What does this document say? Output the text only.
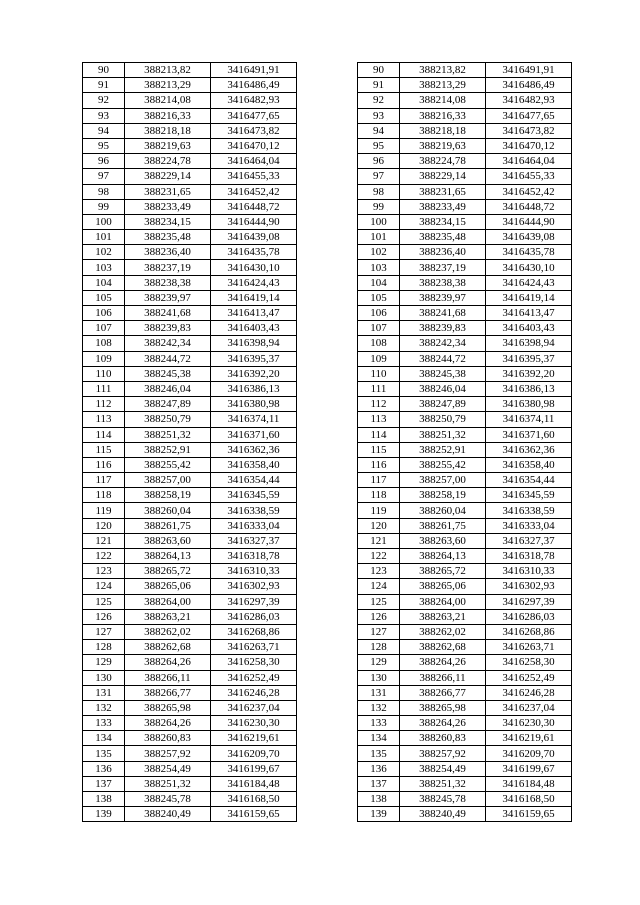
90	388213,82	3416491,91
91	388213,29	3416486,49
92	388214,08	3416482,93
93	388216,33	3416477,65
94	388218,18	3416473,82
95	388219,63	3416470,12
96	388224,78	3416464,04
97	388229,14	3416455,33
98	388231,65	3416452,42
99	388233,49	3416448,72
100	388234,15	3416444,90
101	388235,48	3416439,08
102	388236,40	3416435,78
103	388237,19	3416430,10
104	388238,38	3416424,43
105	388239,97	3416419,14
106	388241,68	3416413,47
107	388239,83	3416403,43
108	388242,34	3416398,94
109	388244,72	3416395,37
110	388245,38	3416392,20
111	388246,04	3416386,13
112	388247,89	3416380,98
113	388250,79	3416374,11
114	388251,32	3416371,60
115	388252,91	3416362,36
116	388255,42	3416358,40
117	388257,00	3416354,44
118	388258,19	3416345,59
119	388260,04	3416338,59
120	388261,75	3416333,04
121	388263,60	3416327,37
122	388264,13	3416318,78
123	388265,72	3416310,33
124	388265,06	3416302,93
125	388264,00	3416297,39
126	388263,21	3416286,03
127	388262,02	3416268,86
128	388262,68	3416263,71
129	388264,26	3416258,30
130	388266,11	3416252,49
131	388266,77	3416246,28
132	388265,98	3416237,04
133	388264,26	3416230,30
134	388260,83	3416219,61
135	388257,92	3416209,70
136	388254,49	3416199,67
137	388251,32	3416184,48
138	388245,78	3416168,50
139	388240,49	3416159,65
90	388213,82	3416491,91
91	388213,29	3416486,49
92	388214,08	3416482,93
93	388216,33	3416477,65
94	388218,18	3416473,82
95	388219,63	3416470,12
96	388224,78	3416464,04
97	388229,14	3416455,33
98	388231,65	3416452,42
99	388233,49	3416448,72
100	388234,15	3416444,90
101	388235,48	3416439,08
102	388236,40	3416435,78
103	388237,19	3416430,10
104	388238,38	3416424,43
105	388239,97	3416419,14
106	388241,68	3416413,47
107	388239,83	3416403,43
108	388242,34	3416398,94
109	388244,72	3416395,37
110	388245,38	3416392,20
111	388246,04	3416386,13
112	388247,89	3416380,98
113	388250,79	3416374,11
114	388251,32	3416371,60
115	388252,91	3416362,36
116	388255,42	3416358,40
117	388257,00	3416354,44
118	388258,19	3416345,59
119	388260,04	3416338,59
120	388261,75	3416333,04
121	388263,60	3416327,37
122	388264,13	3416318,78
123	388265,72	3416310,33
124	388265,06	3416302,93
125	388264,00	3416297,39
126	388263,21	3416286,03
127	388262,02	3416268,86
128	388262,68	3416263,71
129	388264,26	3416258,30
130	388266,11	3416252,49
131	388266,77	3416246,28
132	388265,98	3416237,04
133	388264,26	3416230,30
134	388260,83	3416219,61
135	388257,92	3416209,70
136	388254,49	3416199,67
137	388251,32	3416184,48
138	388245,78	3416168,50
139	388240,49	3416159,65
